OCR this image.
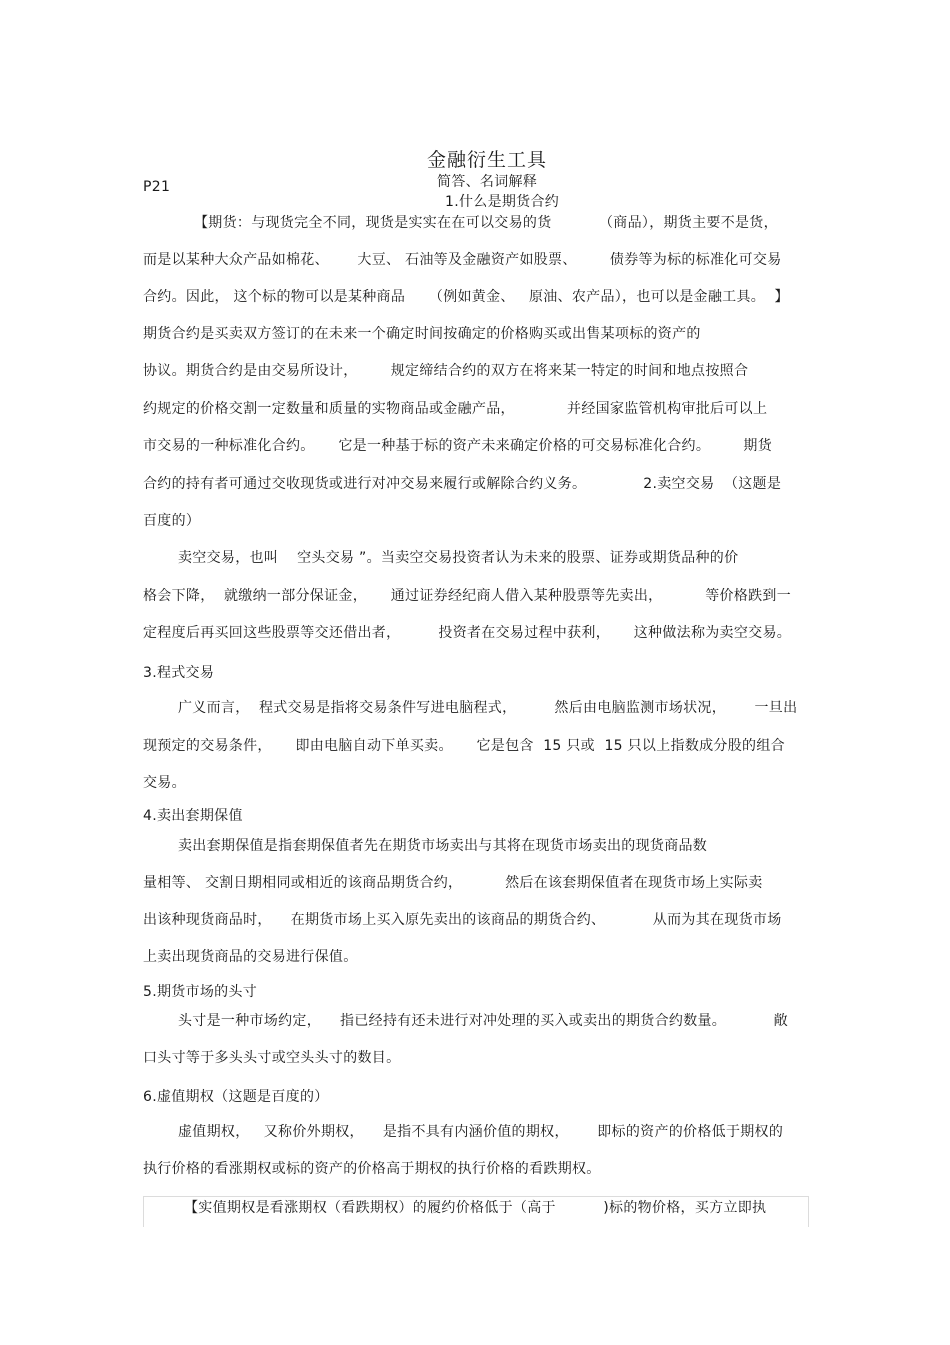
金融衍生工具
简答、名词解释
1.什么是期货合约

P21
【期货：与现货完全不同，现货是实实在在可以交易的货          （商品），期货主要不是货，
而是以某种大众产品如棉花、      大豆、 石油等及金融资产如股票、       债券等为标的标准化可交易
合约。因此， 这个标的物可以是某种商品     （例如黄金、   原油、农产品），也可以是金融工具。  】
期货合约是买卖双方签订的在未来一个确定时间按确定的价格购买或出售某项标的资产的
协议。期货合约是由交易所设计，       规定缔结合约的双方在将来某一特定的时间和地点按照合
约规定的价格交割一定数量和质量的实物商品或金融产品，           并经国家监管机构审批后可以上
市交易的一种标准化合约。     它是一种基于标的资产未来确定价格的可交易标准化合约。       期货
合约的持有者可通过交收现货或进行对冲交易来履行或解除合约义务。            2.卖空交易  （这题是
百度的）
卖空交易，也叫    空头交易 ”。当卖空交易投资者认为未来的股票、证券或期货品种的价
格会下降，  就缴纳一部分保证金，     通过证券经纪商人借入某种股票等先卖出，         等价格跌到一
定程度后再买回这些股票等交还借出者，        投资者在交易过程中获利，     这种做法称为卖空交易。
3.程式交易
广义而言，  程式交易是指将交易条件写进电脑程式，        然后由电脑监测市场状况，      一旦出
现预定的交易条件，     即由电脑自动下单买卖。     它是包含  15 只或  15 只以上指数成分股的组合
交易。
4.卖出套期保值
卖出套期保值是指套期保值者先在期货市场卖出与其将在现货市场卖出的现货商品数
量相等、 交割日期相同或相近的该商品期货合约，         然后在该套期保值者在现货市场上实际卖
出该种现货商品时，    在期货市场上买入原先卖出的该商品的期货合约、          从而为其在现货市场
上卖出现货商品的交易进行保值。
5.期货市场的头寸
头寸是一种市场约定，    指已经持有还未进行对冲处理的买入或卖出的期货合约数量。          敞
口头寸等于多头头寸或空头头寸的数目。
6.虚值期权（这题是百度的）
虚值期权，   又称价外期权，    是指不具有内涵价值的期权，      即标的资产的价格低于期权的
执行价格的看涨期权或标的资产的价格高于期权的执行价格的看跌期权。
【实值期权是看涨期权（看跌期权）的履约价格低于（高于          )标的物价格，买方立即执
